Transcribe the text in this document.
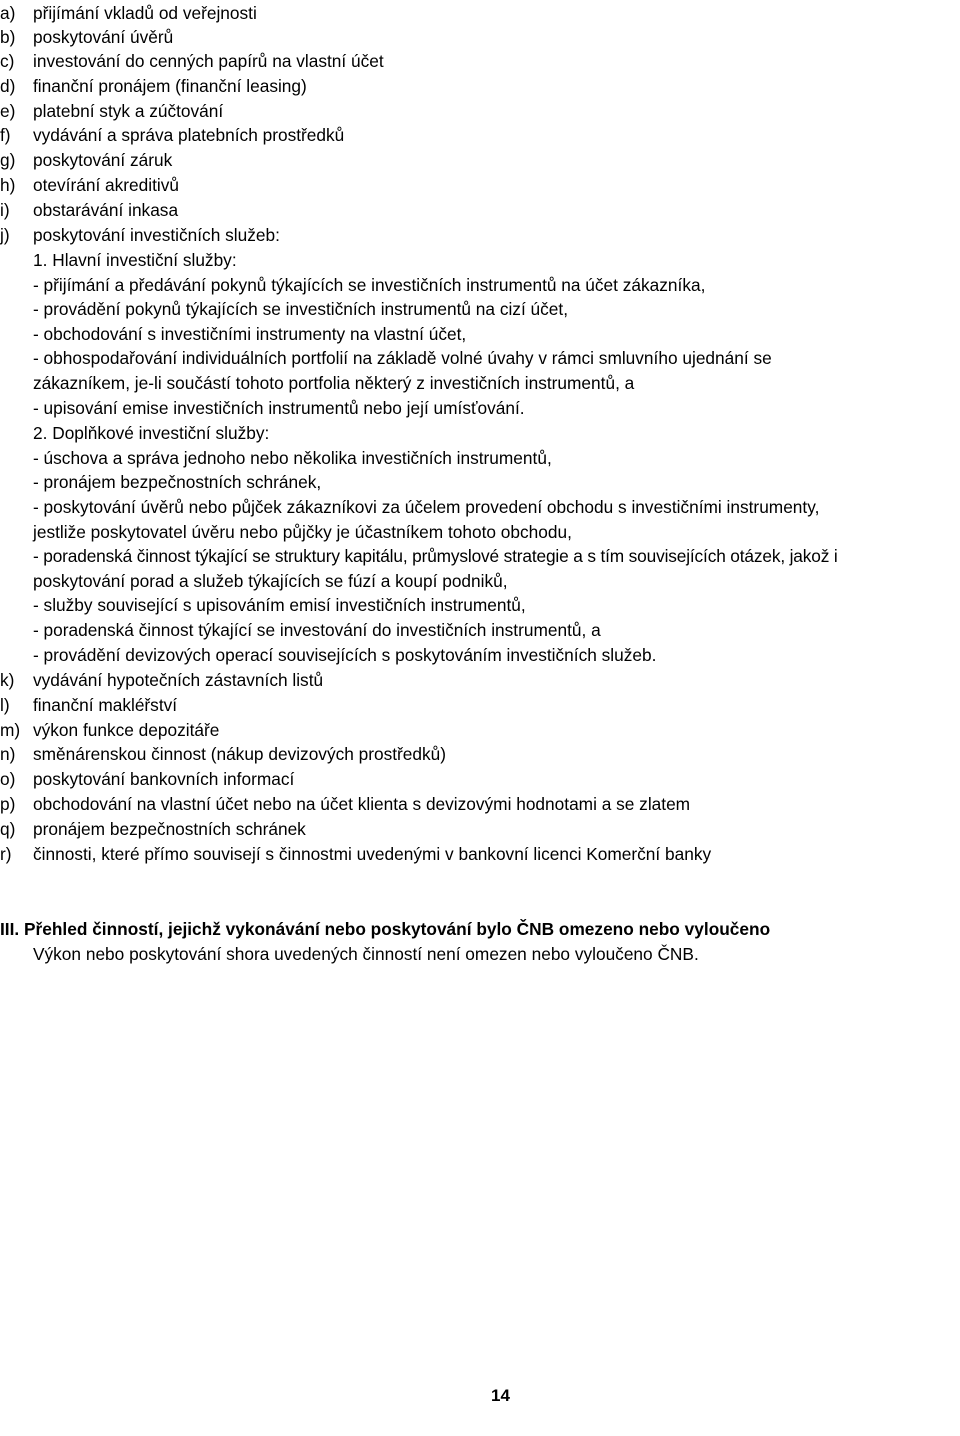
a)	přijímání vkladů od veřejnosti
b)	poskytování úvěrů
c)	investování do cenných papírů na vlastní účet
d)	finanční pronájem (finanční leasing)
e)	platební styk a zúčtování
f)	vydávání a správa platebních prostředků
g)	poskytování záruk
h)	otevírání akreditivů
i)	obstarávání inkasa
j)	poskytování investičních služeb:
1. Hlavní investiční služby:
- přijímání a předávání pokynů týkajících se investičních instrumentů na účet zákazníka,
- provádění pokynů týkajících se investičních instrumentů na cizí účet,
- obchodování s investičními instrumenty na vlastní účet,
- obhospodařování individuálních portfolií na základě volné úvahy v rámci smluvního ujednání se
zákazníkem, je-li součástí tohoto portfolia některý z investičních instrumentů, a
- upisování emise investičních instrumentů nebo její umísťování.
2. Doplňkové investiční služby:
- úschova a správa jednoho nebo několika investičních instrumentů,
- pronájem bezpečnostních schránek,
- poskytování úvěrů nebo půjček zákazníkovi za účelem provedení obchodu s investičními instrumenty,
jestliže poskytovatel úvěru nebo půjčky je účastníkem tohoto obchodu,
- poradenská činnost týkající se struktury kapitálu, průmyslové strategie a s tím souvisejících otázek, jakož i
poskytování porad a služeb týkajících se fúzí a koupí podniků,
- služby související s upisováním emisí investičních instrumentů,
- poradenská činnost týkající se investování do investičních instrumentů, a
- provádění devizových operací souvisejících s poskytováním investičních služeb.
k)	vydávání hypotečních zástavních listů
l)	finanční makléřství
m) výkon funkce depozitáře
n)	směnárenskou činnost (nákup devizových prostředků)
o)	poskytování bankovních informací
p)	obchodování na vlastní účet nebo na účet klienta s devizovými hodnotami a se zlatem
q)	pronájem bezpečnostních schránek
r)	činnosti, které přímo souvisejí s činnostmi uvedenými v bankovní licenci Komerční banky
III. Přehled činností, jejichž vykonávání nebo poskytování bylo ČNB omezeno nebo vyloučeno
Výkon nebo poskytování shora uvedených činností není omezen nebo vyloučeno ČNB.
14
